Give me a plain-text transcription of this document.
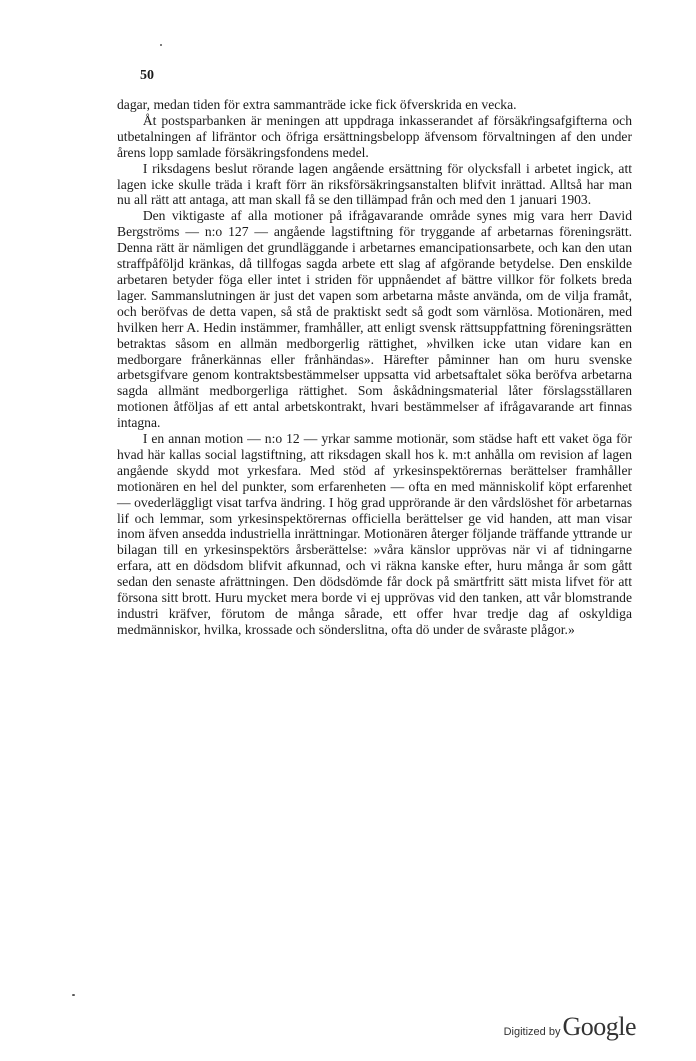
50

dagar, medan tiden för extra sammanträde icke fick öfverskrida en vecka.

Åt postsparbanken är meningen att uppdraga inkasserandet af försäkringsafgifterna och utbetalningen af lifräntor och öfriga ersättningsbelopp äfvensom förvaltningen af den under årens lopp samlade försäkringsfondens medel.

I riksdagens beslut rörande lagen angående ersättning för olycksfall i arbetet ingick, att lagen icke skulle träda i kraft förr än riksförsäkringsanstalten blifvit inrättad. Alltså har man nu all rätt att antaga, att man skall få se den tillämpad från och med den 1 januari 1903.

Den viktigaste af alla motioner på ifrågavarande område synes mig vara herr David Bergströms — n:o 127 — angående lagstiftning för tryggande af arbetarnas föreningsrätt. Denna rätt är nämligen det grundläggande i arbetarnes emancipationsarbete, och kan den utan straffpåföljd kränkas, då tillfogas sagda arbete ett slag af afgörande betydelse. Den enskilde arbetaren betyder föga eller intet i striden för uppnåendet af bättre villkor för folkets breda lager. Sammanslutningen är just det vapen som arbetarna måste använda, om de vilja framåt, och beröfvas de detta vapen, så stå de praktiskt sedt så godt som värnlösa. Motionären, med hvilken herr A. Hedin instämmer, framhåller, att enligt svensk rättsuppfattning föreningsrätten betraktas såsom en allmän medborgerlig rättighet, »hvilken icke utan vidare kan en medborgare frånerkännas eller frånhändas». Härefter påminner han om huru svenske arbetsgifvare genom kontraktsbestämmelser uppsatta vid arbetsaftalet söka beröfva arbetarna sagda allmänt medborgerliga rättighet. Som åskådningsmaterial låter förslagsställaren motionen åtföljas af ett antal arbetskontrakt, hvari bestämmelser af ifrågavarande art finnas intagna.

I en annan motion — n:o 12 — yrkar samme motionär, som städse haft ett vaket öga för hvad här kallas social lagstiftning, att riksdagen skall hos k. m:t anhålla om revision af lagen angående skydd mot yrkesfara. Med stöd af yrkesinspektörernas berättelser framhåller motionären en hel del punkter, som erfarenheten — ofta en med människolif köpt erfarenhet — ovederläggligt visat tarfva ändring. I hög grad upprörande är den vårdslöshet för arbetarnas lif och lemmar, som yrkesinspektörernas officiella berättelser ge vid handen, att man visar inom äfven ansedda industriella inrättningar. Motionären återger följande träffande yttrande ur bilagan till en yrkesinspektörs årsberättelse: »våra känslor upprövas när vi af tidningarne erfara, att en dödsdom blifvit afkunnad, och vi räkna kanske efter, huru många år som gått sedan den senaste afrättningen. Den dödsdömde får dock på smärtfritt sätt mista lifvet för att försona sitt brott. Huru mycket mera borde vi ej upprövas vid den tanken, att vår blomstrande industri kräfver, förutom de många sårade, ett offer hvar tredje dag af oskyldiga medmänniskor, hvilka, krossade och sönderslitna, ofta dö under de svåraste plågor.»

Digitized by Google
